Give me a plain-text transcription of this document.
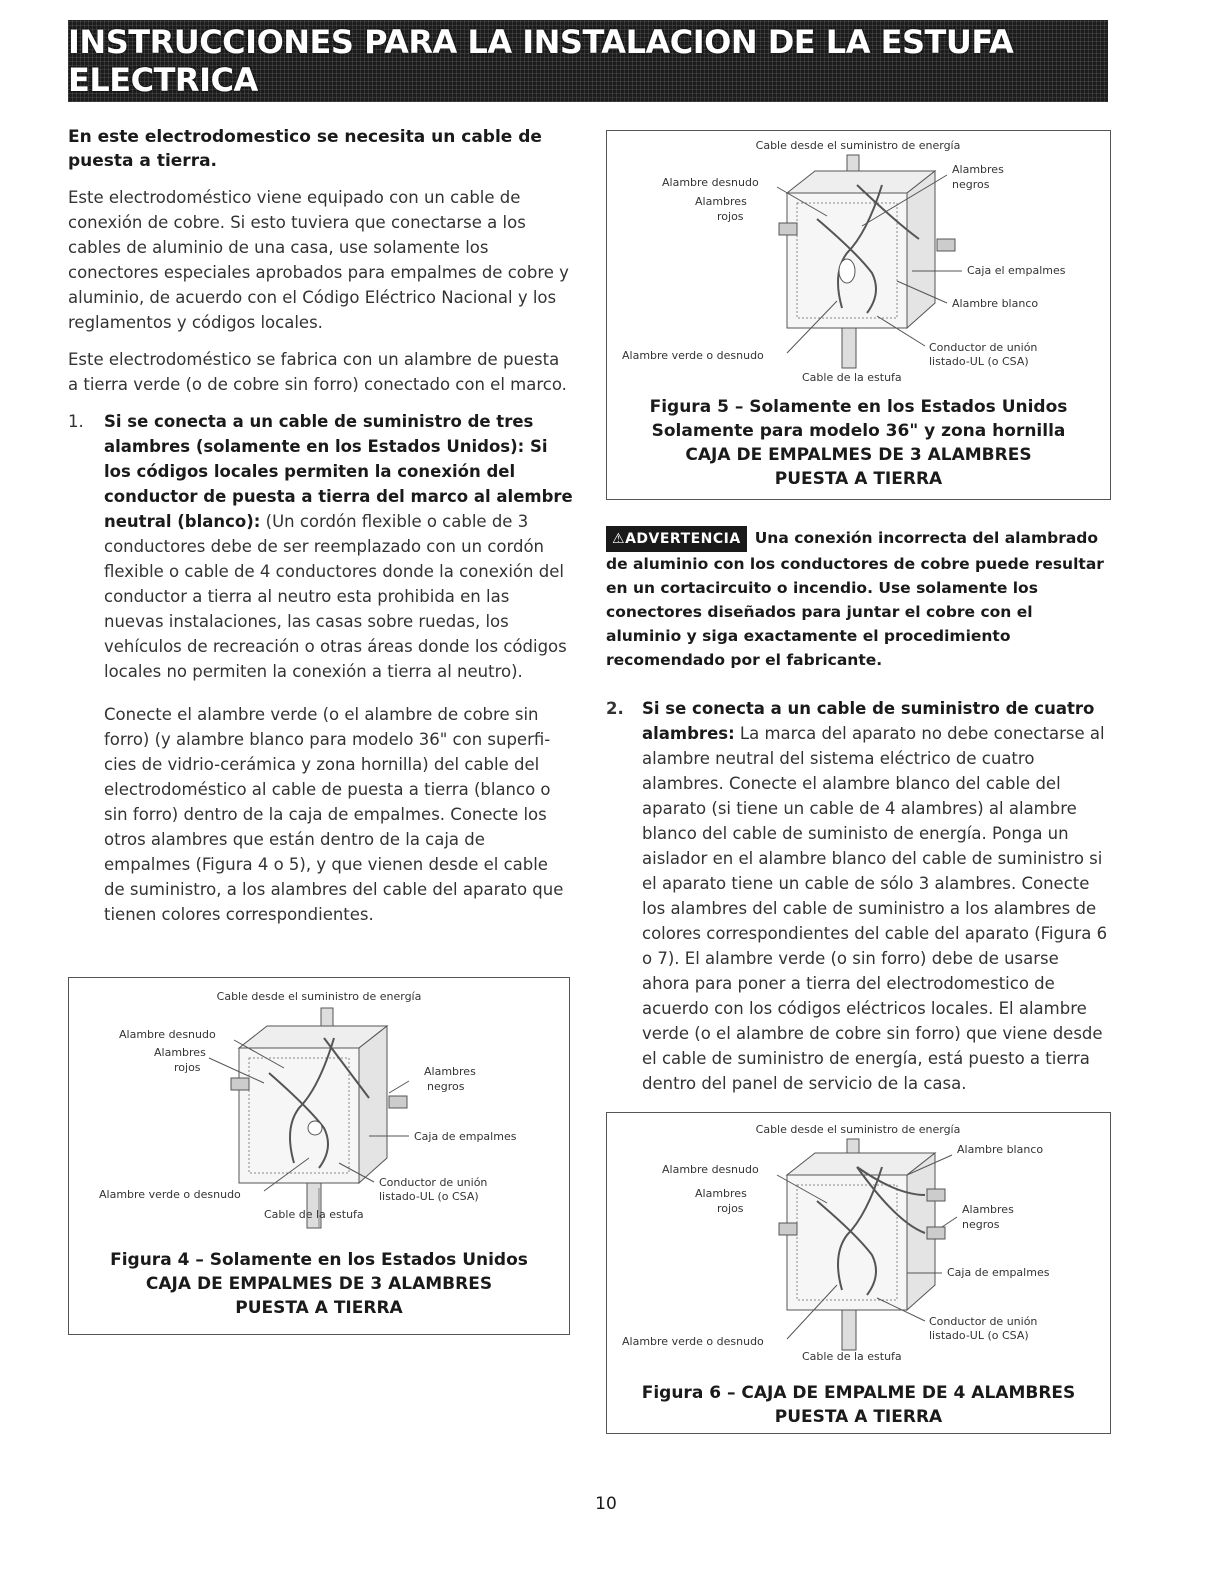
INSTRUCCIONES PARA LA INSTALACION DE LA ESTUFA ELECTRICA

En este electrodomestico se necesita un cable de puesta a tierra.

Este electrodoméstico viene equipado con un cable de conexión de cobre. Si esto tuviera que conectarse a los cables de aluminio de una casa, use solamente los conectores especiales aprobados para empalmes de cobre y aluminio, de acuerdo con el Código Eléctrico Nacional y los reglamentos y códigos locales.

Este electrodoméstico se fabrica con un alambre de puesta a tierra verde (o de cobre sin forro) conectado con el marco.

1. Si se conecta a un cable de suministro de tres alambres (solamente en los Estados Unidos): Si los códigos locales permiten la conexión del conductor de puesta a tierra del marco al alembre neutral (blanco): (Un cordón flexible o cable de 3 conductores debe de ser reemplazado con un cordón flexible o cable de 4 conductores donde la conexión del conductor a tierra al neutro esta prohibida en las nuevas instalaciones, las casas sobre ruedas, los vehículos de recreación o otras áreas donde los códigos locales no permiten la conexión a tierra al neutro).

Conecte el alambre verde (o el alambre de cobre sin forro) (y alambre blanco para modelo 36" con superfi-cies de vidrio-cerámica y zona hornilla) del cable del electrodoméstico al cable de puesta a tierra (blanco o sin forro) dentro de la caja de empalmes. Conecte los otros alambres que están dentro de la caja de empalmes (Figura 4 o 5), y que vienen desde el cable de suministro, a los alambres del cable del aparato que tienen colores correspondientes.

Cable desde el suministro de energía
Alambre desnudo
Alambres
rojos	Alambres
negros
Caja de empalmes
Alambre verde o desnudo
Conductor de unión
listado-UL (o CSA)
Cable de la estufa
Figura 4 – Solamente en los Estados Unidos
CAJA DE EMPALMES DE 3 ALAMBRES
PUESTA A TIERRA
Cable desde el suministro de energía
Alambre desnudo
Alambres
rojos
Alambres
negros
Caja el empalmes
Alambre blanco
Alambre verde o desnudo
Conductor de unión
listado-UL (o CSA)
Cable de la estufa
Figura 5 – Solamente en los Estados Unidos
Solamente para modelo 36" y zona hornilla
CAJA DE EMPALMES DE 3 ALAMBRES
PUESTA A TIERRA
⚠ADVERTENCIA Una conexión incorrecta del alambrado de aluminio con los conductores de cobre puede resultar en un cortacircuito o incendio. Use solamente los conectores diseñados para juntar el cobre con el aluminio y siga exactamente el procedimiento recomendado por el fabricante.
2. Si se conecta a un cable de suministro de cuatro alambres: La marca del aparato no debe conectarse al alambre neutral del sistema eléctrico de cuatro alambres. Conecte el alambre blanco del cable del aparato (si tiene un cable de 4 alambres) al alambre blanco del cable de suministo de energía. Ponga un aislador en el alambre blanco del cable de suministro si el aparato tiene un cable de sólo 3 alambres. Conecte los alambres del cable de suministro a los alambres de colores correspondientes del cable del aparato (Figura 6 o 7). El alambre verde (o sin forro) debe de usarse ahora para poner a tierra del electrodomestico de acuerdo con los códigos eléctricos locales. El alambre verde (o el alambre de cobre sin forro) que viene desde el cable de suministro de energía, está puesto a tierra dentro del panel de servicio de la casa.
Cable desde el suministro de energía
Alambre desnudo
Alambre blanco
Alambres
rojos	Alambres
negros
Caja de empalmes
Alambre verde o desnudo
Conductor de unión
listado-UL (o CSA)
Cable de la estufa
Figura 6 – CAJA DE EMPALME DE 4 ALAMBRES
PUESTA A TIERRA
10
